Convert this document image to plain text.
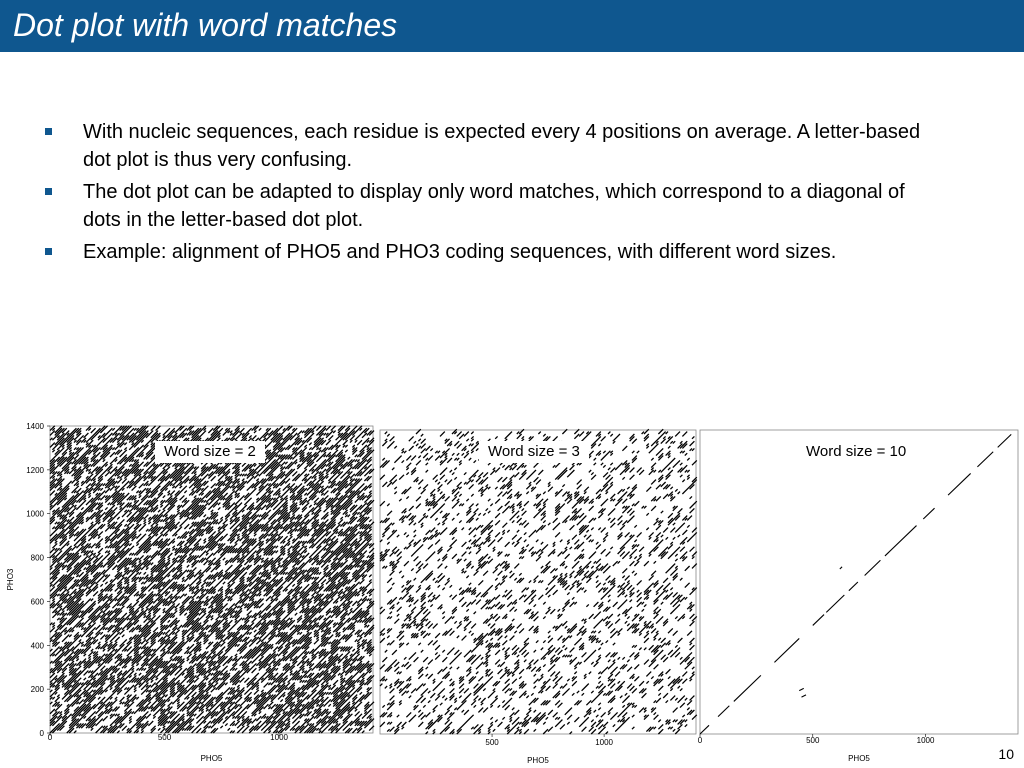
Dot plot with word matches
With nucleic sequences, each residue is expected every 4 positions on average. A letter-based dot plot is thus very confusing.
The dot plot can be adapted to display only word matches, which correspond to a diagonal of dots in the letter-based dot plot.
Example: alignment of PHO5 and PHO3 coding sequences, with different word sizes.
0	500	1000
PHO5
0
200
400
600
800
1000
1200
1400
PHO3
Word size = 2
500	1000
PHO5
Word size = 3
0	500	1000
PHO5
Word size = 10
10
